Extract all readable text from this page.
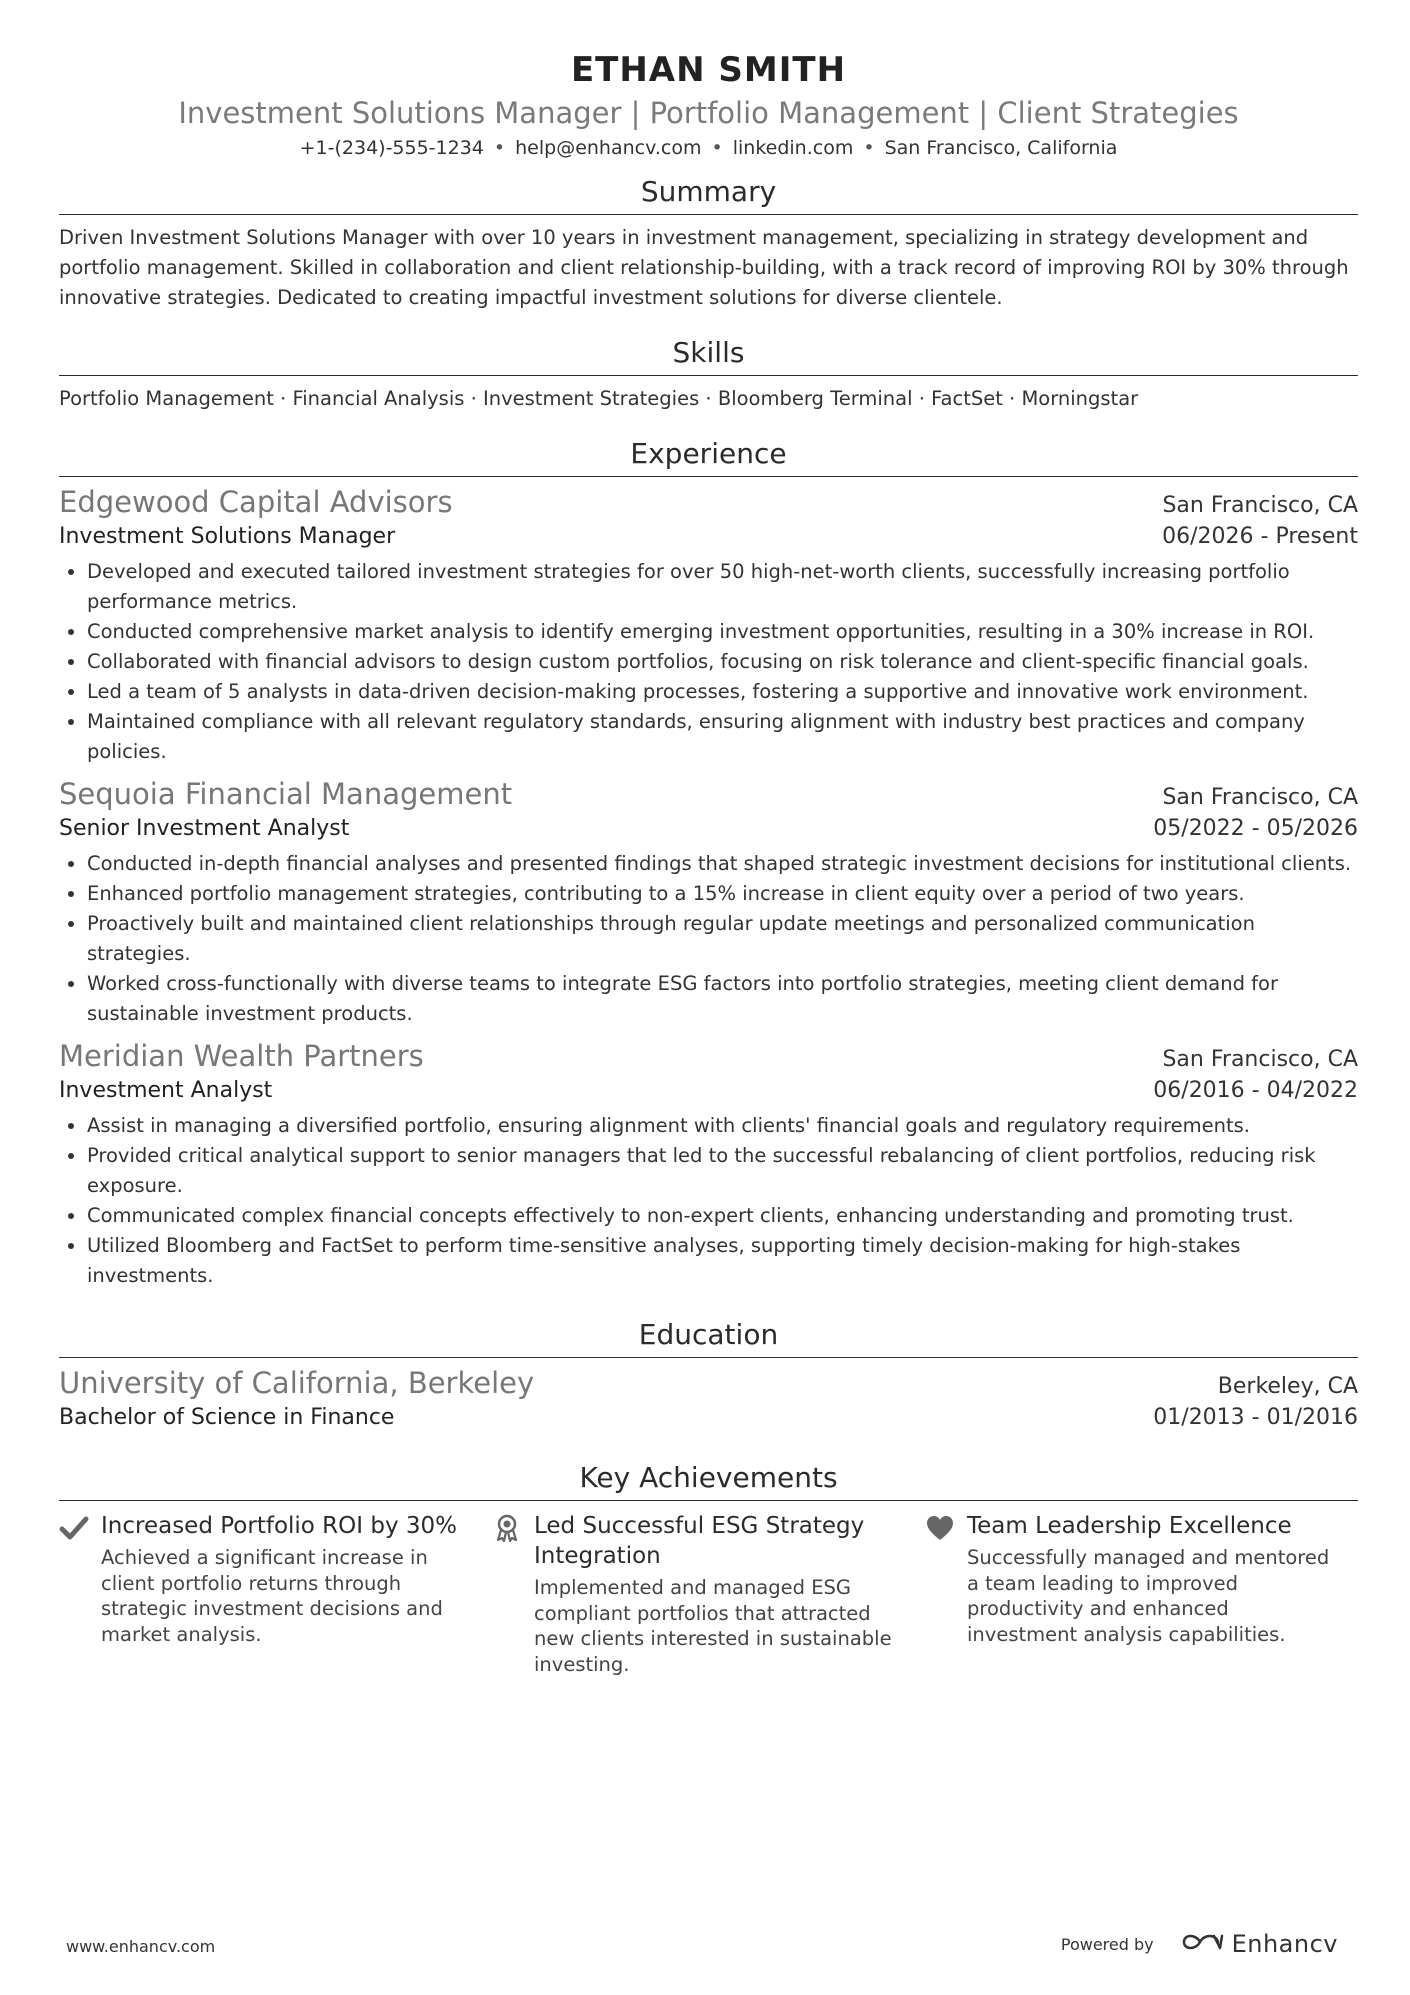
ETHAN SMITH
Investment Solutions Manager | Portfolio Management | Client Strategies
+1-(234)-555-1234 • help@enhancv.com • linkedin.com • San Francisco, California
Summary
Driven Investment Solutions Manager with over 10 years in investment management, specializing in strategy development and portfolio management. Skilled in collaboration and client relationship-building, with a track record of improving ROI by 30% through innovative strategies. Dedicated to creating impactful investment solutions for diverse clientele.
Skills
Portfolio Management · Financial Analysis · Investment Strategies · Bloomberg Terminal · FactSet · Morningstar
Experience
Edgewood Capital Advisors	San Francisco, CA
Investment Solutions Manager	06/2026 - Present
• Developed and executed tailored investment strategies for over 50 high-net-worth clients, successfully increasing portfolio performance metrics.
• Conducted comprehensive market analysis to identify emerging investment opportunities, resulting in a 30% increase in ROI.
• Collaborated with financial advisors to design custom portfolios, focusing on risk tolerance and client-specific financial goals.
• Led a team of 5 analysts in data-driven decision-making processes, fostering a supportive and innovative work environment.
• Maintained compliance with all relevant regulatory standards, ensuring alignment with industry best practices and company policies.
Sequoia Financial Management	San Francisco, CA
Senior Investment Analyst	05/2022 - 05/2026
• Conducted in-depth financial analyses and presented findings that shaped strategic investment decisions for institutional clients.
• Enhanced portfolio management strategies, contributing to a 15% increase in client equity over a period of two years.
• Proactively built and maintained client relationships through regular update meetings and personalized communication strategies.
• Worked cross-functionally with diverse teams to integrate ESG factors into portfolio strategies, meeting client demand for sustainable investment products.
Meridian Wealth Partners	San Francisco, CA
Investment Analyst	06/2016 - 04/2022
• Assist in managing a diversified portfolio, ensuring alignment with clients' financial goals and regulatory requirements.
• Provided critical analytical support to senior managers that led to the successful rebalancing of client portfolios, reducing risk exposure.
• Communicated complex financial concepts effectively to non-expert clients, enhancing understanding and promoting trust.
• Utilized Bloomberg and FactSet to perform time-sensitive analyses, supporting timely decision-making for high-stakes investments.
Education
University of California, Berkeley	Berkeley, CA
Bachelor of Science in Finance	01/2013 - 01/2016
Key Achievements
Increased Portfolio ROI by 30%
Achieved a significant increase in client portfolio returns through strategic investment decisions and market analysis.
Led Successful ESG Strategy Integration
Implemented and managed ESG compliant portfolios that attracted new clients interested in sustainable investing.
Team Leadership Excellence
Successfully managed and mentored a team leading to improved productivity and enhanced investment analysis capabilities.
www.enhancv.com	Powered by	Enhancv
